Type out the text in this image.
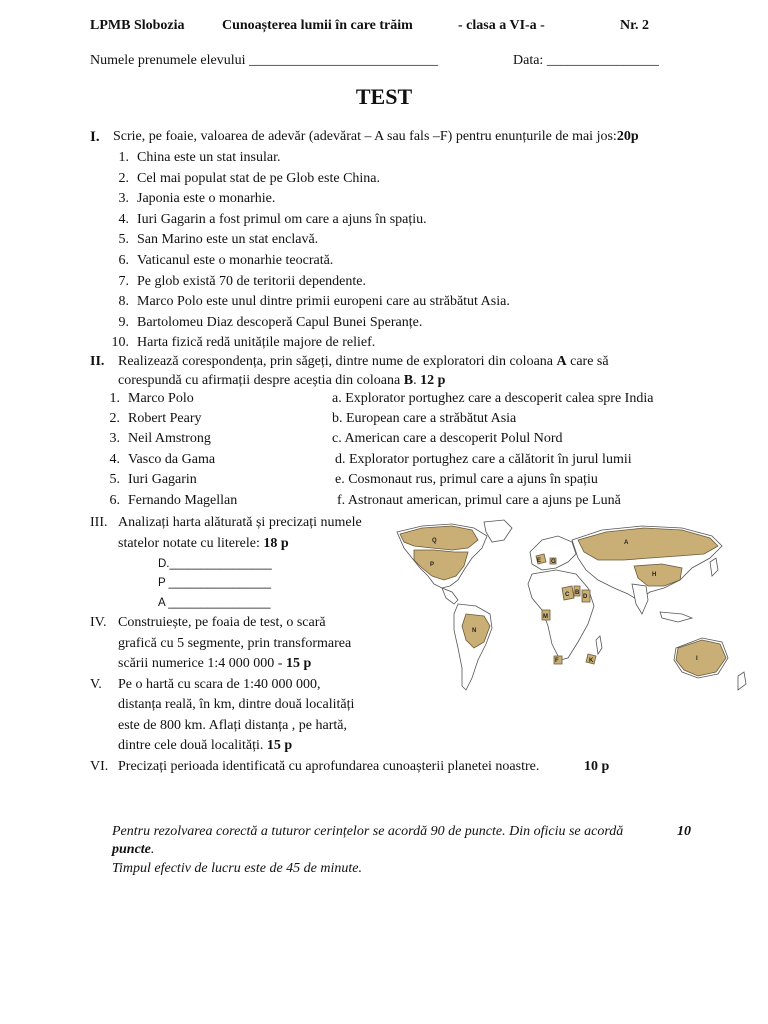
LPMB Slobozia	Cunoașterea lumii în care trăim	- clasa a VI-a -	Nr. 2
Numele prenumele elevului ___________________________	Data: ________________
TEST
I. Scrie, pe foaie, valoarea de adevăr (adevărat – A sau fals –F) pentru enunțurile de mai jos:20p
1. China este un stat insular.
2. Cel mai populat stat de pe Glob este China.
3. Japonia este o monarhie.
4. Iuri Gagarin a fost primul om care a ajuns în spațiu.
5. San Marino este un stat enclavă.
6. Vaticanul este o monarhie teocrată.
7. Pe glob există 70 de teritorii dependente.
8. Marco Polo este unul dintre primii europeni care au străbătut Asia.
9. Bartolomeu Diaz descoperă Capul Bunei Speranțe.
10. Harta fizică redă unitățile majore de relief.
II. Realizează corespondența, prin săgeți, dintre nume de exploratori din coloana A care să
corespundă cu afirmații despre aceștia din coloana B. 12 p
1. Marco Polo	a. Explorator portughez care a descoperit calea spre India
2. Robert Peary	b. European care a străbătut Asia
3. Neil Amstrong	c. American care a descoperit Polul Nord
4. Vasco da Gama	d. Explorator portughez care a călătorit în jurul lumii
5. Iuri Gagarin	e. Cosmonaut rus, primul care a ajuns în spațiu
6. Fernando Magellan	f. Astronaut american, primul care a ajuns pe Lună
III. Analizați harta alăturată și precizați numele
statelor notate cu literele: 18 p
D.________________
P ________________
A ________________
IV. Construiește, pe foaia de test, o scară
grafică cu 5 segmente, prin transformarea
scării numerice 1:4 000 000 - 15 p
V. Pe o hartă cu scara de 1:40 000 000,
distanța reală, în km, dintre două localități
este de 800 km. Aflați distanța , pe hartă,
dintre cele două localități. 15 p
VI. Precizați perioada identificată cu aprofundarea cunoașterii planetei noastre.	10 p
Pentru rezolvarea corectă a tuturor cerințelor se acordă 90 de puncte. Din oficiu se acordă	10
puncte.
Timpul efectiv de lucru este de 45 de minute.
Q	A
P
H
E G
C B
D
M
N
K	I
F
